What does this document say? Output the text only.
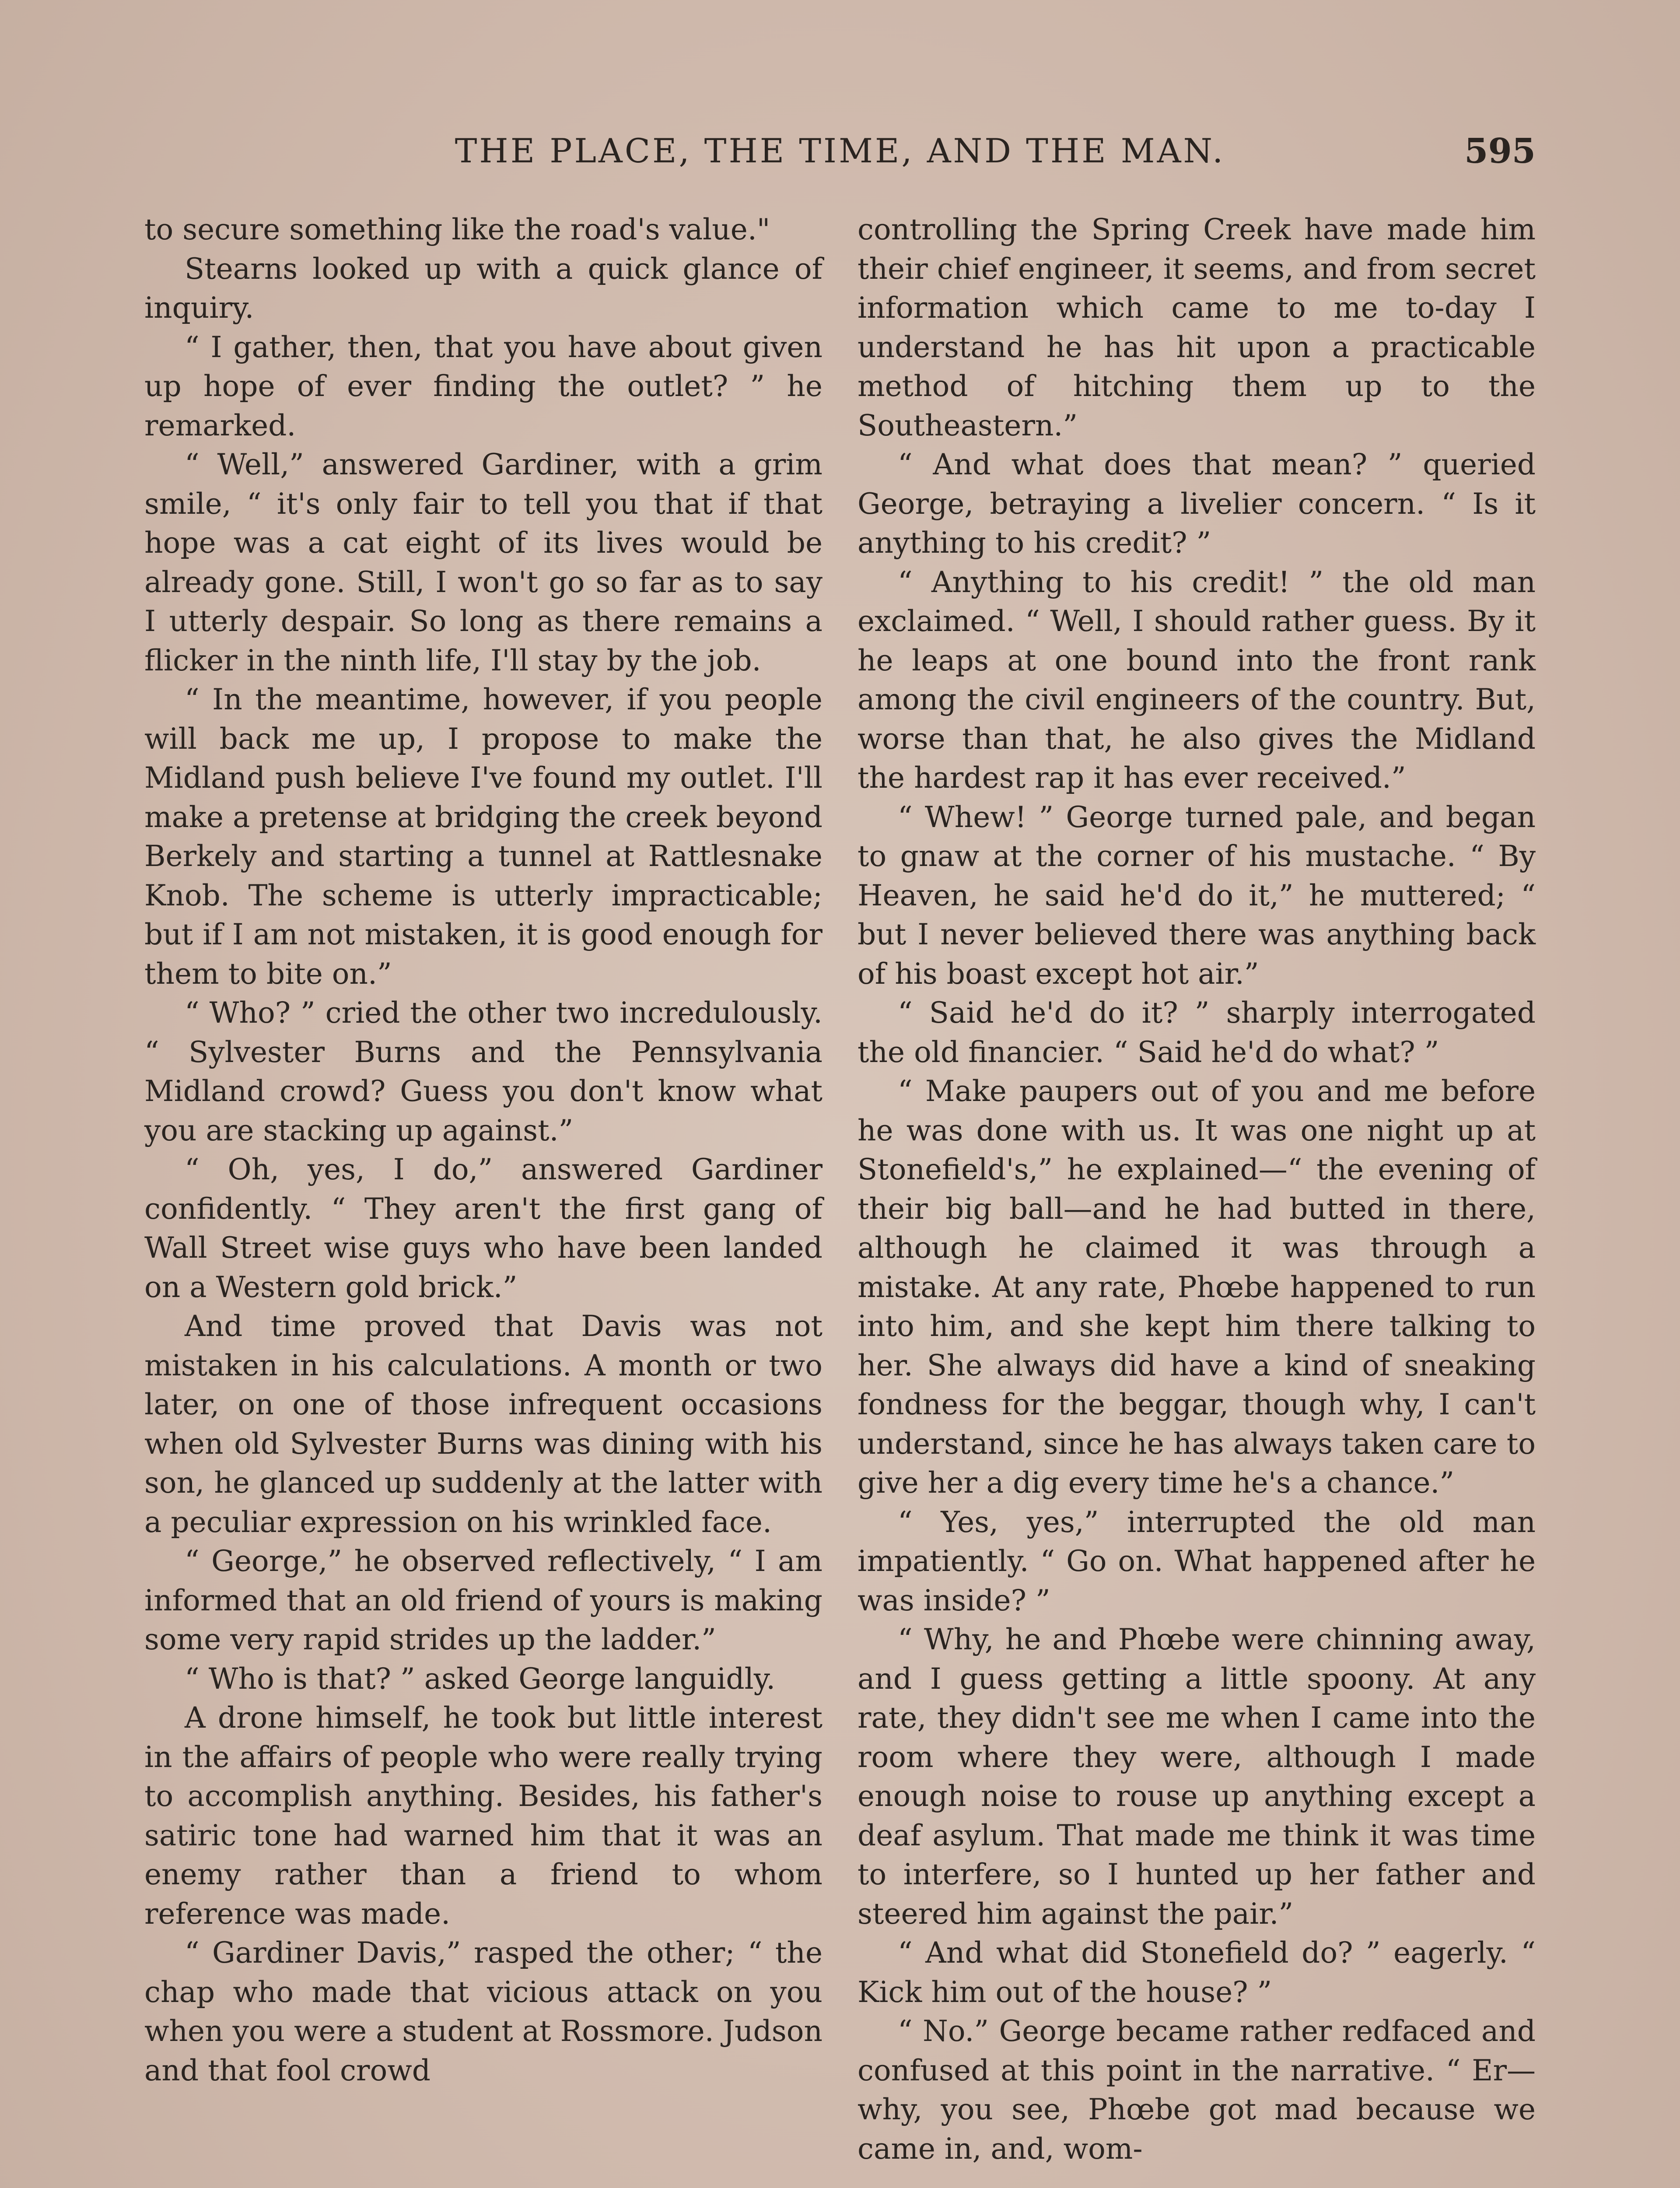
THE PLACE, THE TIME, AND THE MAN.	595

to secure something like the road's value."

Stearns looked up with a quick glance of inquiry.

“ I gather, then, that you have about given up hope of ever finding the outlet? ” he remarked.

“ Well,” answered Gardiner, with a grim smile, “ it's only fair to tell you that if that hope was a cat eight of its lives would be already gone. Still, I won't go so far as to say I utterly despair. So long as there remains a flicker in the ninth life, I'll stay by the job.

“ In the meantime, however, if you people will back me up, I propose to make the Midland push believe I've found my outlet. I'll make a pretense at bridging the creek beyond Berkely and starting a tunnel at Rattlesnake Knob. The scheme is utterly impracticable; but if I am not mistaken, it is good enough for them to bite on.”

“ Who? ” cried the other two incredulously. “ Sylvester Burns and the Pennsylvania Midland crowd? Guess you don't know what you are stacking up against.”

“ Oh, yes, I do,” answered Gardiner confidently. “ They aren't the first gang of Wall Street wise guys who have been landed on a Western gold brick.”

And time proved that Davis was not mistaken in his calculations. A month or two later, on one of those infrequent occasions when old Sylvester Burns was dining with his son, he glanced up suddenly at the latter with a peculiar expression on his wrinkled face.

“ George,” he observed reflectively, “ I am informed that an old friend of yours is making some very rapid strides up the ladder.”

“ Who is that? ” asked George languidly.

A drone himself, he took but little interest in the affairs of people who were really trying to accomplish anything. Besides, his father's satiric tone had warned him that it was an enemy rather than a friend to whom reference was made.

“ Gardiner Davis,” rasped the other; “ the chap who made that vicious attack on you when you were a student at Rossmore. Judson and that fool crowd

controlling the Spring Creek have made him their chief engineer, it seems, and from secret information which came to me to-day I understand he has hit upon a practicable method of hitching them up to the Southeastern.”

“ And what does that mean? ” queried George, betraying a livelier concern. “ Is it anything to his credit? ”

“ Anything to his credit! ” the old man exclaimed. “ Well, I should rather guess. By it he leaps at one bound into the front rank among the civil engineers of the country. But, worse than that, he also gives the Midland the hardest rap it has ever received.”

“ Whew! ” George turned pale, and began to gnaw at the corner of his mustache. “ By Heaven, he said he'd do it,” he muttered; “ but I never believed there was anything back of his boast except hot air.”

“ Said he'd do it? ” sharply interrogated the old financier. “ Said he'd do what? ”

“ Make paupers out of you and me before he was done with us. It was one night up at Stonefield's,” he explained—“ the evening of their big ball—and he had butted in there, although he claimed it was through a mistake. At any rate, Phœbe happened to run into him, and she kept him there talking to her. She always did have a kind of sneaking fondness for the beggar, though why, I can't understand, since he has always taken care to give her a dig every time he's a chance.”

“ Yes, yes,” interrupted the old man impatiently. “ Go on. What happened after he was inside? ”

“ Why, he and Phœbe were chinning away, and I guess getting a little spoony. At any rate, they didn't see me when I came into the room where they were, although I made enough noise to rouse up anything except a deaf asylum. That made me think it was time to interfere, so I hunted up her father and steered him against the pair.”

“ And what did Stonefield do? ” eagerly. “ Kick him out of the house? ”

“ No.” George became rather redfaced and confused at this point in the narrative. “ Er—why, you see, Phœbe got mad because we came in, and, wom-
